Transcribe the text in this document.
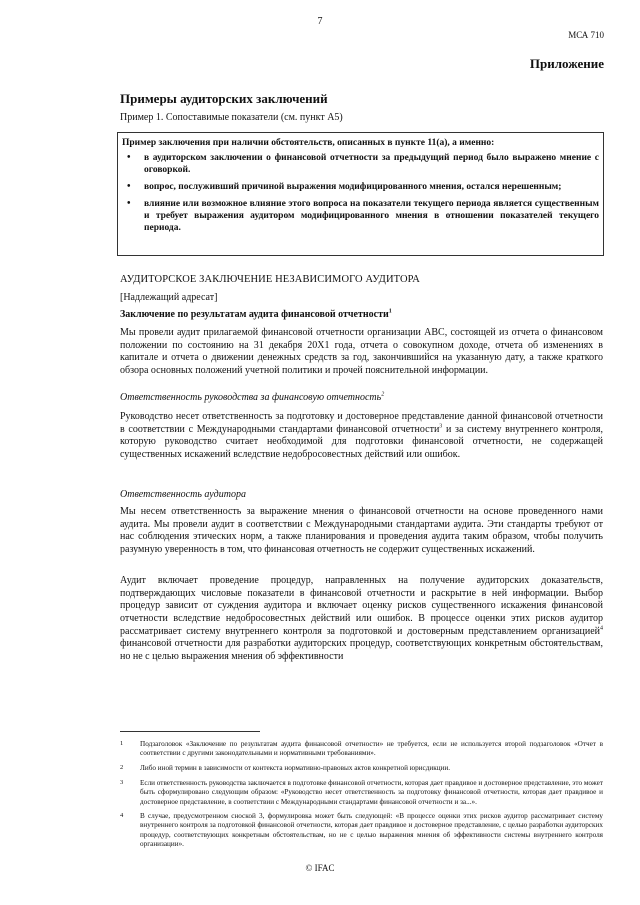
7
МСА 710
Приложение
Примеры аудиторских заключений
Пример 1. Сопоставимые показатели (см. пункт А5)
Пример заключения при наличии обстоятельств, описанных в пункте 11(а), а именно:
• в аудиторском заключении о финансовой отчетности за предыдущий период было выражено мнение с оговоркой.
• вопрос, послуживший причиной выражения модифицированного мнения, остался нерешенным;
• влияние или возможное влияние этого вопроса на показатели текущего периода является существенным и требует выражения аудитором модифицированного мнения в отношении показателей текущего периода.
АУДИТОРСКОЕ ЗАКЛЮЧЕНИЕ НЕЗАВИСИМОГО АУДИТОРА
[Надлежащий адресат]
Заключение по результатам аудита финансовой отчетности$^1$
Мы провели аудит прилагаемой финансовой отчетности организации АВС, состоящей из отчета о финансовом положении по состоянию на 31 декабря 20Х1 года, отчета о совокупном доходе, отчета об изменениях в капитале и отчета о движении денежных средств за год, закончившийся на указанную дату, а также краткого обзора основных положений учетной политики и прочей пояснительной информации.
Ответственность руководства за финансовую отчетность$^2$
Руководство несет ответственность за подготовку и достоверное представление данной финансовой отчетности в соответствии с Международными стандартами финансовой отчетности$^3$ и за систему внутреннего контроля, которую руководство считает необходимой для подготовки финансовой отчетности, не содержащей существенных искажений вследствие недобросовестных действий или ошибок.
Ответственность аудитора
Мы несем ответственность за выражение мнения о финансовой отчетности на основе проведенного нами аудита. Мы провели аудит в соответствии с Международными стандартами аудита. Эти стандарты требуют от нас соблюдения этических норм, а также планирования и проведения аудита таким образом, чтобы получить разумную уверенность в том, что финансовая отчетность не содержит существенных искажений.
Аудит включает проведение процедур, направленных на получение аудиторских доказательств, подтверждающих числовые показатели в финансовой отчетности и раскрытие в ней информации. Выбор процедур зависит от суждения аудитора и включает оценку рисков существенного искажения финансовой отчетности вследствие недобросовестных действий или ошибок. В процессе оценки этих рисков аудитор рассматривает систему внутреннего контроля за подготовкой и достоверным представлением организацией$^4$ финансовой отчетности для разработки аудиторских процедур, соответствующих конкретным обстоятельствам, но не с целью выражения мнения об эффективности
1 Подзаголовок «Заключение по результатам аудита финансовой отчетности» не требуется, если не используется второй подзаголовок «Отчет в соответствии с другими законодательными и нормативными требованиями».
2 Либо иной термин в зависимости от контекста нормативно-правовых актов конкретной юрисдикции.
3 Если ответственность руководства заключается в подготовке финансовой отчетности, которая дает правдивое и достоверное представление, это может быть сформулировано следующим образом: «Руководство несет ответственность за подготовку финансовой отчетности, которая дает правдивое и достоверное представление, в соответствии с Международными стандартами финансовой отчетности и за...».
4 В случае, предусмотренном сноской 3, формулировка может быть следующей: «В процессе оценки этих рисков аудитор рассматривает систему внутреннего контроля за подготовкой финансовой отчетности, которая дает правдивое и достоверное представление, с целью разработки аудиторских процедур, соответствующих конкретным обстоятельствам, но не с целью выражения мнения об эффективности системы внутреннего контроля организации».
© IFAC
